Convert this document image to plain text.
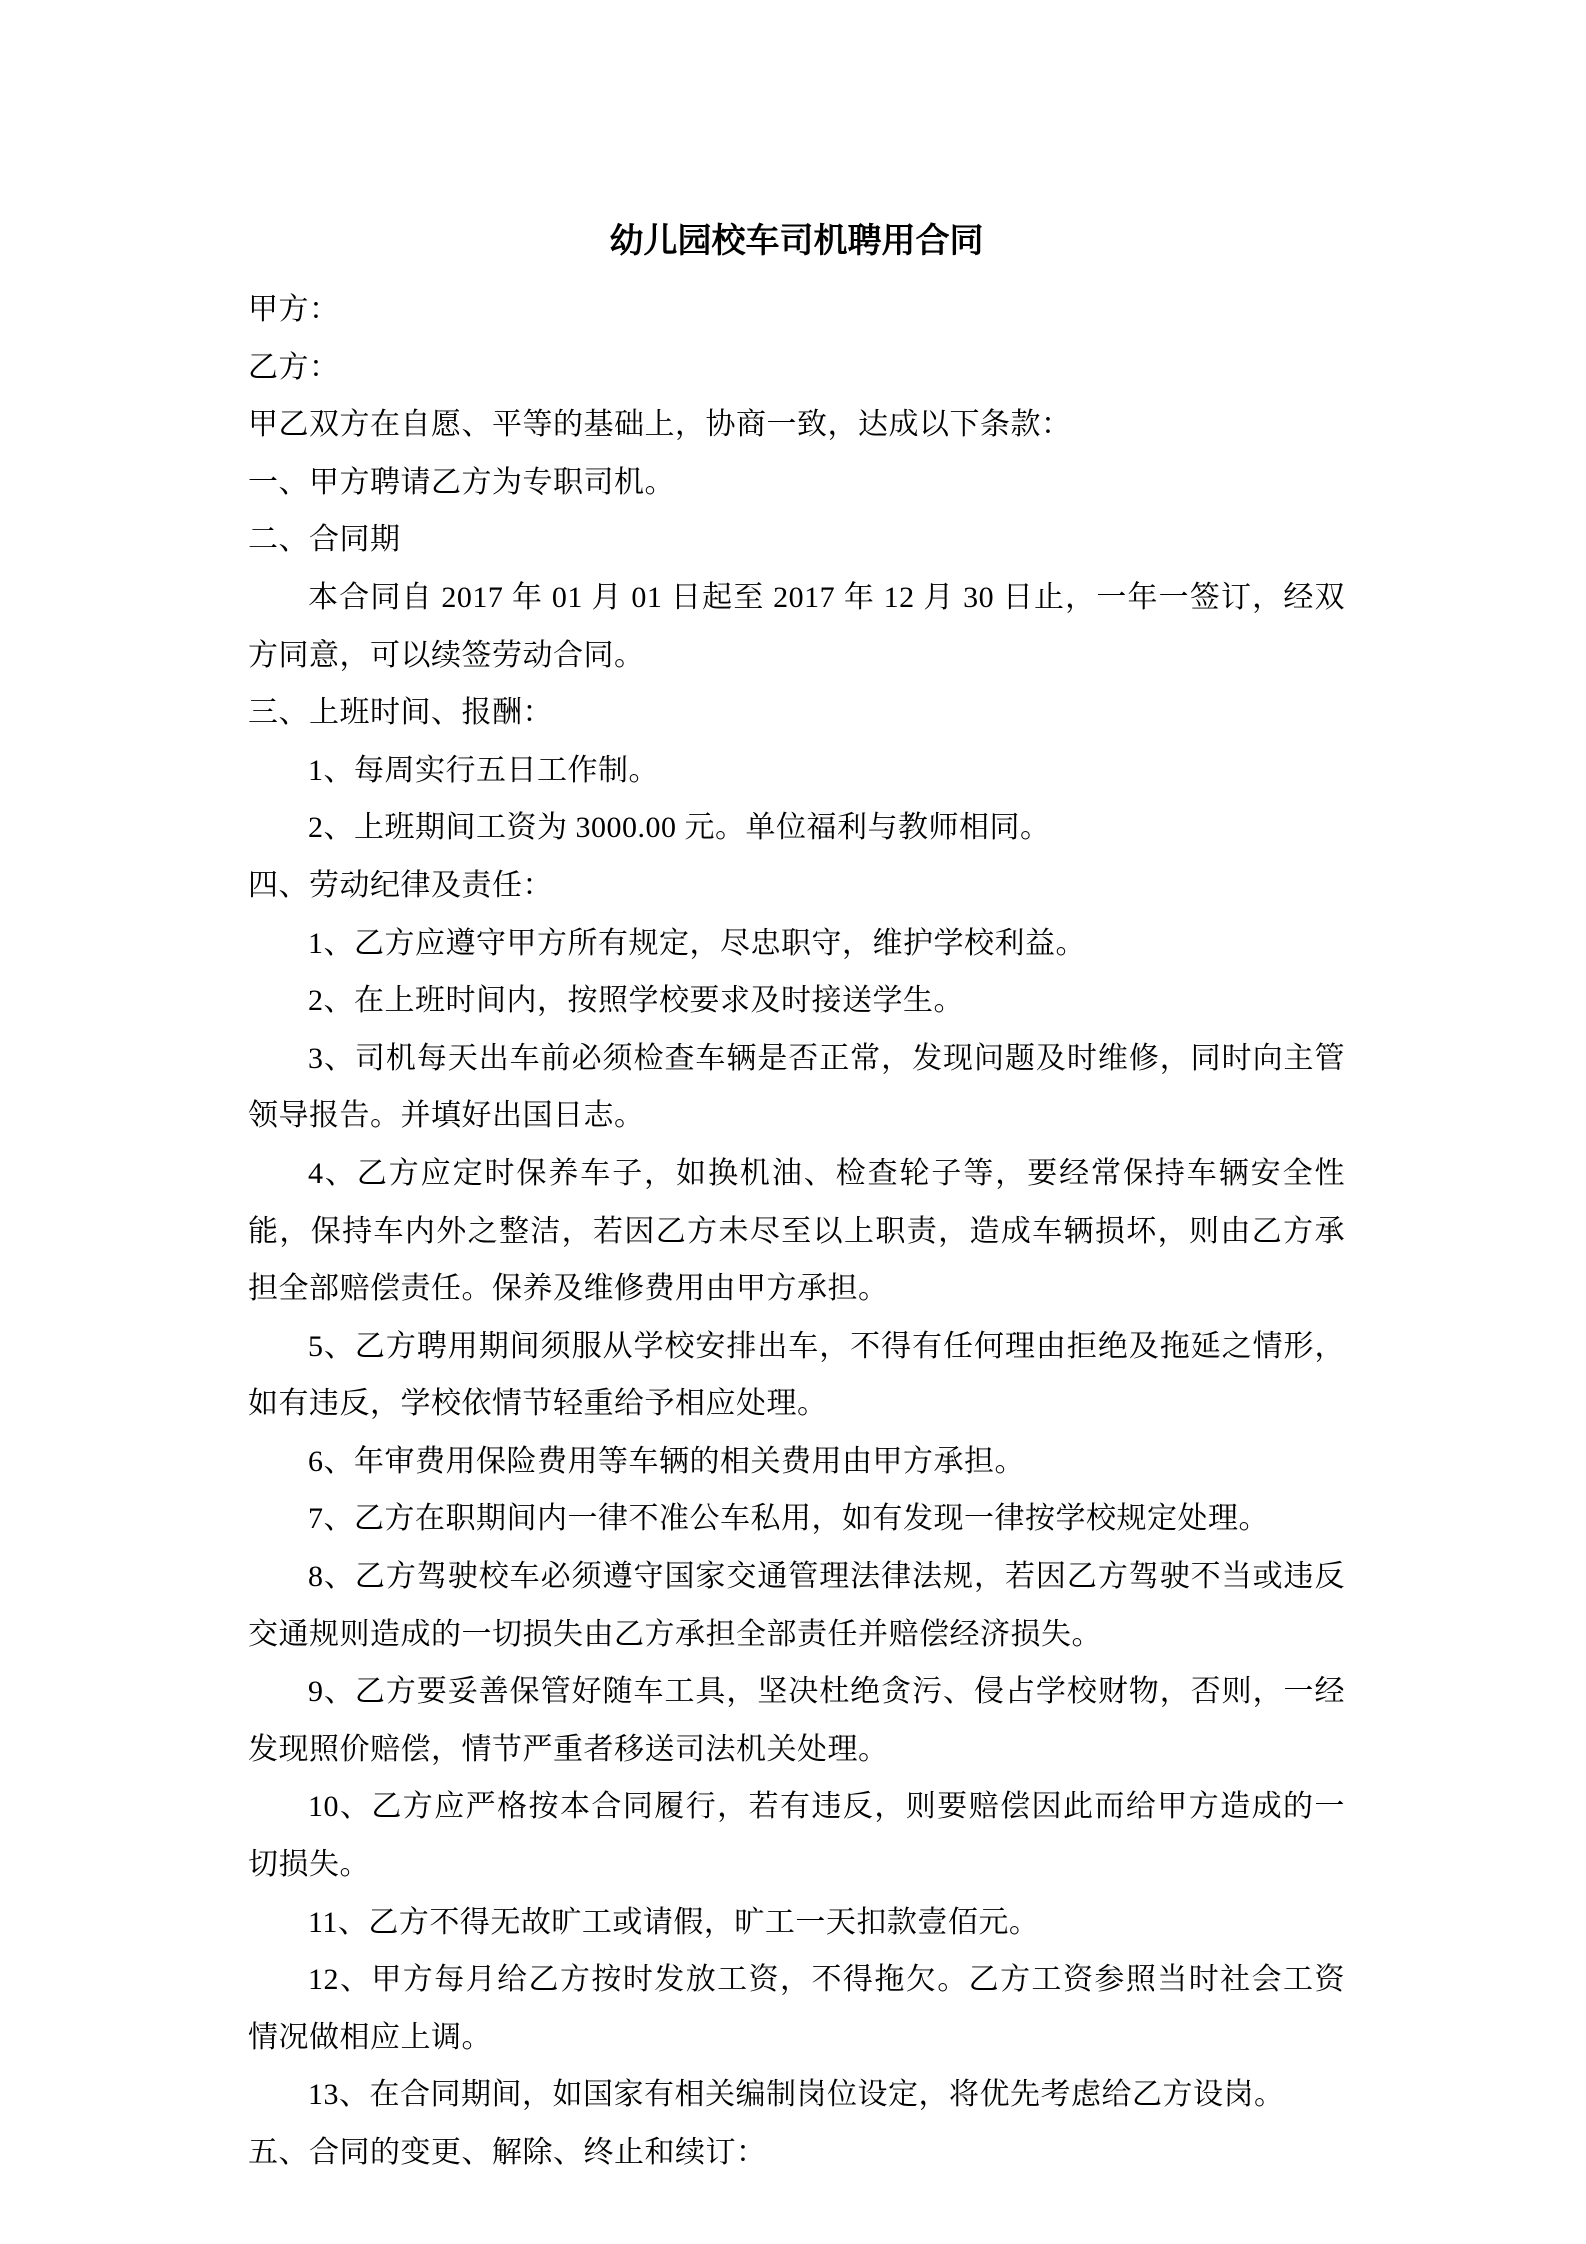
幼儿园校车司机聘用合同

甲方：

乙方：

甲乙双方在自愿、平等的基础上，协商一致，达成以下条款：

一、甲方聘请乙方为专职司机。

二、合同期

本合同自 2017 年 01 月 01 日起至 2017 年 12 月 30 日止，一年一签订，经双方同意，可以续签劳动合同。

三、上班时间、报酬：

1、每周实行五日工作制。

2、上班期间工资为 3000.00 元。单位福利与教师相同。

四、劳动纪律及责任：

1、乙方应遵守甲方所有规定，尽忠职守，维护学校利益。

2、在上班时间内，按照学校要求及时接送学生。

3、司机每天出车前必须检查车辆是否正常，发现问题及时维修，同时向主管领导报告。并填好出国日志。

4、乙方应定时保养车子，如换机油、检查轮子等，要经常保持车辆安全性能，保持车内外之整洁，若因乙方未尽至以上职责，造成车辆损坏，则由乙方承担全部赔偿责任。保养及维修费用由甲方承担。

5、乙方聘用期间须服从学校安排出车，不得有任何理由拒绝及拖延之情形，如有违反，学校依情节轻重给予相应处理。

6、年审费用保险费用等车辆的相关费用由甲方承担。

7、乙方在职期间内一律不准公车私用，如有发现一律按学校规定处理。

8、乙方驾驶校车必须遵守国家交通管理法律法规，若因乙方驾驶不当或违反交通规则造成的一切损失由乙方承担全部责任并赔偿经济损失。

9、乙方要妥善保管好随车工具，坚决杜绝贪污、侵占学校财物，否则，一经发现照价赔偿，情节严重者移送司法机关处理。

10、乙方应严格按本合同履行，若有违反，则要赔偿因此而给甲方造成的一切损失。

11、乙方不得无故旷工或请假，旷工一天扣款壹佰元。

12、甲方每月给乙方按时发放工资，不得拖欠。乙方工资参照当时社会工资情况做相应上调。

13、在合同期间，如国家有相关编制岗位设定，将优先考虑给乙方设岗。

五、合同的变更、解除、终止和续订：
